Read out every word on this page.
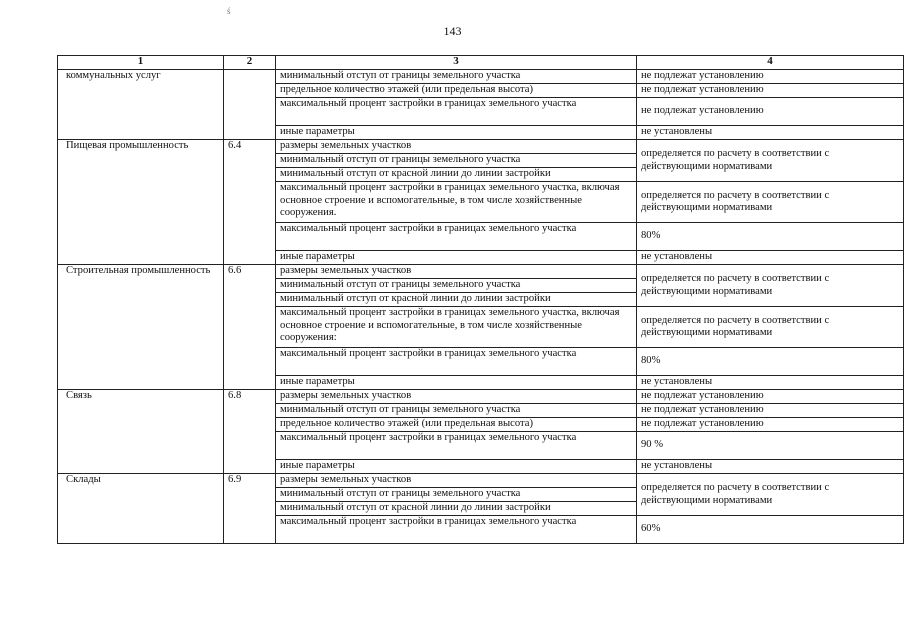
ś
143
1	2	3	4
коммунальных услуг		минимальный отступ от границы земельного участка	не подлежат установлению
		предельное количество этажей (или предельная высота)	не подлежат установлению
		максимальный процент застройки в границах земельного участка	не подлежат установлению
		иные параметры	не установлены
Пищевая промышленность	6.4	размеры земельных участков	определяется по расчету в соответствии с действующими нормативами
		минимальный отступ от границы земельного участка	
		минимальный отступ от красной линии до линии застройки	
		максимальный процент застройки в границах земельного участка, включая основное строение и вспомогательные, в том числе хозяйственные сооружения.	определяется по расчету в соответствии с действующими нормативами
		максимальный процент застройки в границах земельного участка	80%
		иные параметры	не установлены
Строительная промышленность	6.6	размеры земельных участков	определяется по расчету в соответствии с действующими нормативами
		минимальный отступ от границы земельного участка	
		минимальный отступ от красной линии до линии застройки	
		максимальный процент застройки в границах земельного участка, включая основное строение и вспомогательные, в том числе хозяйственные сооружения:	определяется по расчету в соответствии с действующими нормативами
		максимальный процент застройки в границах земельного участка	80%
		иные параметры	не установлены
Связь	6.8	размеры земельных участков	не подлежат установлению
		минимальный отступ от границы земельного участка	не подлежат установлению
		предельное количество этажей (или предельная высота)	не подлежат установлению
		максимальный процент застройки в границах земельного участка	90 %
		иные параметры	не установлены
Склады	6.9	размеры земельных участков	определяется по расчету в соответствии с действующими нормативами
		минимальный отступ от границы земельного участка	
		минимальный отступ от красной линии до линии застройки	
		максимальный процент застройки в границах земельного участка	60%
